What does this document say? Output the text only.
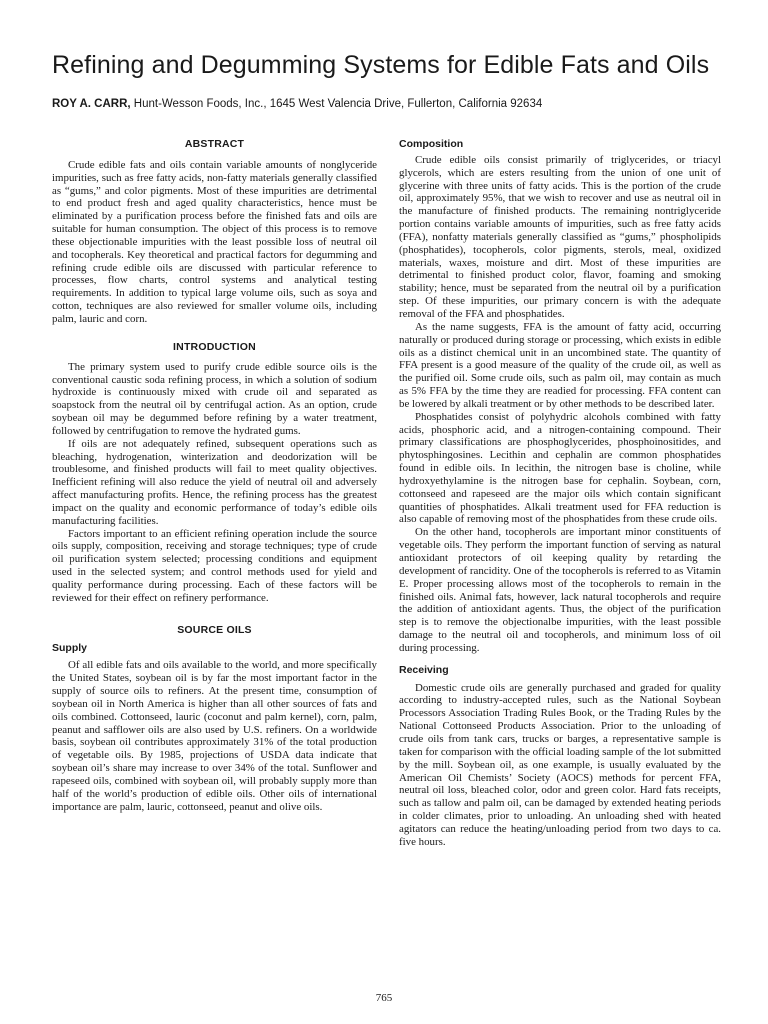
Refining and Degumming Systems for Edible Fats and Oils
ROY A. CARR, Hunt-Wesson Foods, Inc., 1645 West Valencia Drive, Fullerton, California 92634
ABSTRACT

Crude edible fats and oils contain variable amounts of nonglyceride impurities, such as free fatty acids, non-fatty materials generally classified as “gums,” and color pigments. Most of these impurities are detrimental to end product fresh and aged quality characteristics, hence must be eliminated by a purification process before the finished fats and oils are suitable for human consumption. The object of this process is to remove these objectionable impurities with the least possible loss of neutral oil and tocopherals. Key theoretical and practical factors for degumming and refining crude edible oils are discussed with particular reference to processes, flow charts, control systems and analytical testing requirements. In addition to typical large volume oils, such as soya and cotton, techniques are also reviewed for smaller volume oils, including palm, lauric and corn.

INTRODUCTION

The primary system used to purify crude edible source oils is the conventional caustic soda refining process, in which a solution of sodium hydroxide is continuously mixed with crude oil and separated as soapstock from the neutral oil by centrifugal action. As an option, crude soybean oil may be degummed before refining by a water treatment, followed by centrifugation to remove the hydrated gums.

If oils are not adequately refined, subsequent operations such as bleaching, hydrogenation, winterization and deodorization will be troublesome, and finished products will fail to meet quality objectives. Inefficient refining will also reduce the yield of neutral oil and adversely affect manufacturing profits. Hence, the refining process has the greatest impact on the quality and economic performance of today’s edible oils manufacturing facilities.

Factors important to an efficient refining operation include the source oils supply, composition, receiving and storage techniques; type of crude oil purification system selected; processing conditions and equipment used in the selected system; and control methods used for yield and quality performance during processing. Each of these factors will be reviewed for their effect on refinery performance.

SOURCE OILS
Supply

Of all edible fats and oils available to the world, and more specifically the United States, soybean oil is by far the most important factor in the supply of source oils to refiners. At the present time, consumption of soybean oil in North America is higher than all other sources of fats and oils combined. Cottonseed, lauric (coconut and palm kernel), corn, palm, peanut and safflower oils are also used by U.S. refiners. On a worldwide basis, soybean oil contributes approximately 31% of the total production of vegetable oils. By 1985, projections of USDA data indicate that soybean oil’s share may increase to over 34% of the total. Sunflower and rapeseed oils, combined with soybean oil, will probably supply more than half of the world’s production of edible oils. Other oils of international importance are palm, lauric, cottonseed, peanut and olive oils.

Composition

Crude edible oils consist primarily of triglycerides, or triacyl glycerols, which are esters resulting from the union of one unit of glycerine with three units of fatty acids. This is the portion of the crude oil, approximately 95%, that we wish to recover and use as neutral oil in the manufacture of finished products. The remaining nontriglyceride portion contains variable amounts of impurities, such as free fatty acids (FFA), nonfatty materials generally classified as “gums,” phospholipids (phosphatides), tocopherols, color pigments, sterols, meal, oxidized materials, waxes, moisture and dirt. Most of these impurities are detrimental to finished product color, flavor, foaming and smoking stability; hence, must be separated from the neutral oil by a purification step. Of these impurities, our primary concern is with the adequate removal of the FFA and phosphatides.

As the name suggests, FFA is the amount of fatty acid, occurring naturally or produced during storage or processing, which exists in edible oils as a distinct chemical unit in an uncombined state. The quantity of FFA present is a good measure of the quality of the crude oil, as well as the purified oil. Some crude oils, such as palm oil, may contain as much as 5% FFA by the time they are readied for processing. FFA content can be lowered by alkali treatment or by other methods to be described later.

Phosphatides consist of polyhydric alcohols combined with fatty acids, phosphoric acid, and a nitrogen-containing compound. Their primary classifications are phosphoglycerides, phosphoinositides, and phytosphingosines. Lecithin and cephalin are common phosphatides found in edible oils. In lecithin, the nitrogen base is choline, while hydroxyethylamine is the nitrogen base for cephalin. Soybean, corn, cottonseed and rapeseed are the major oils which contain significant quantities of phosphatides. Alkali treatment used for FFA reduction is also capable of removing most of the phosphatides from these crude oils.

On the other hand, tocopherols are important minor constituents of vegetable oils. They perform the important function of serving as natural antioxidant protectors of oil keeping quality by retarding the development of rancidity. One of the tocopherols is referred to as Vitamin E. Proper processing allows most of the tocopherols to remain in the finished oils. Animal fats, however, lack natural tocopherols and require the addition of antioxidant agents. Thus, the object of the purification step is to remove the objectionalbe impurities, with the least possible damage to the neutral oil and tocopherols, and minimum loss of oil during processing.

Receiving

Domestic crude oils are generally purchased and graded for quality according to industry-accepted rules, such as the National Soybean Processors Association Trading Rules Book, or the Trading Rules by the National Cottonseed Products Association. Prior to the unloading of crude oils from tank cars, trucks or barges, a representative sample is taken for comparison with the official loading sample of the lot submitted by the mill. Soybean oil, as one example, is usually evaluated by the American Oil Chemists’ Society (AOCS) methods for percent FFA, neutral oil loss, bleached color, odor and green color. Hard fats receipts, such as tallow and palm oil, can be damaged by extended heating periods in colder climates, prior to unloading. An unloading shed with heated agitators can reduce the heating/unloading period from two days to ca. five hours.

765
